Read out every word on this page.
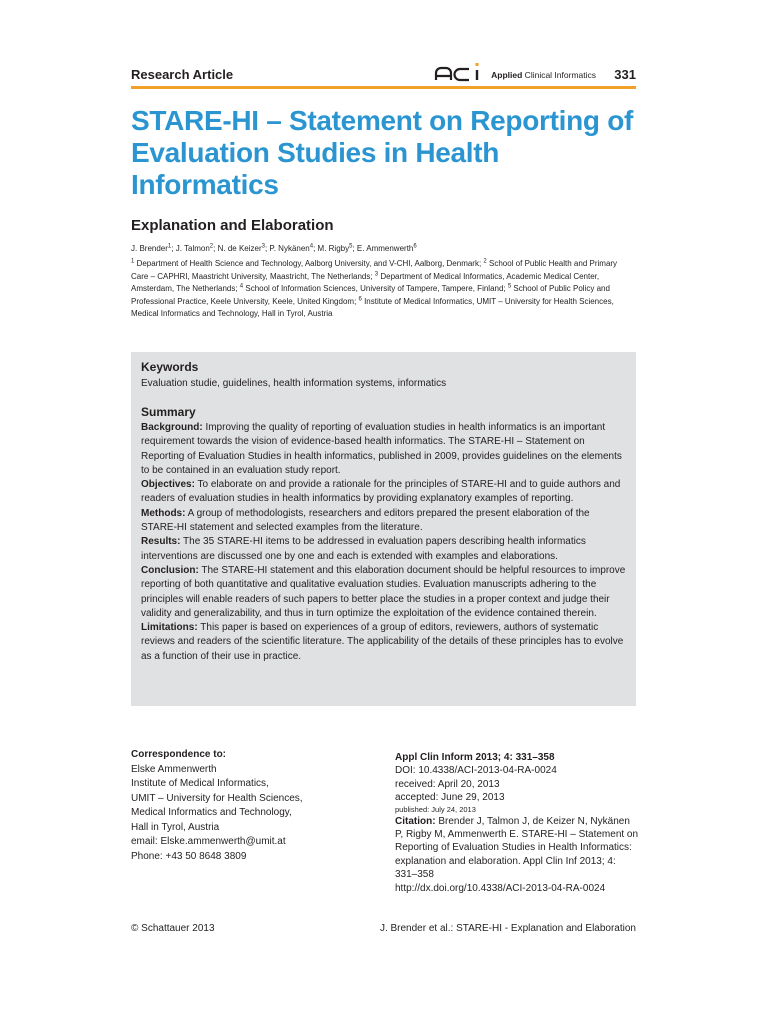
Research Article	Applied Clinical Informatics 331
STARE-HI – Statement on Reporting of Evaluation Studies in Health Informatics
Explanation and Elaboration
J. Brender$^1$; J. Talmon$^2$; N. de Keizer$^3$; P. Nykänen$^4$; M. Rigby$^5$; E. Ammenwerth$^6$
$^1$ Department of Health Science and Technology, Aalborg University, and V-CHI, Aalborg, Denmark; $^2$ School of Public Health and Primary Care – CAPHRI, Maastricht University, Maastricht, The Netherlands; $^3$ Department of Medical Informatics, Academic Medical Center, Amsterdam, The Netherlands; $^4$ School of Information Sciences, University of Tampere, Tampere, Finland; $^5$ School of Public Policy and Professional Practice, Keele University, Keele, United Kingdom; $^6$ Institute of Medical Informatics, UMIT – University for Health Sciences, Medical Informatics and Technology, Hall in Tyrol, Austria
Keywords
Evaluation studie, guidelines, health information systems, informatics
Summary

Background: Improving the quality of reporting of evaluation studies in health informatics is an important requirement towards the vision of evidence-based health informatics. The STARE-HI – Statement on Reporting of Evaluation Studies in health informatics, published in 2009, provides guidelines on the elements to be contained in an evaluation study report.

Objectives: To elaborate on and provide a rationale for the principles of STARE-HI and to guide authors and readers of evaluation studies in health informatics by providing explanatory examples of reporting.

Methods: A group of methodologists, researchers and editors prepared the present elaboration of the STARE-HI statement and selected examples from the literature.

Results: The 35 STARE-HI items to be addressed in evaluation papers describing health informatics interventions are discussed one by one and each is extended with examples and elaborations.

Conclusion: The STARE-HI statement and this elaboration document should be helpful resources to improve reporting of both quantitative and qualitative evaluation studies. Evaluation manuscripts adhering to the principles will enable readers of such papers to better place the studies in a proper context and judge their validity and generalizability, and thus in turn optimize the exploitation of the evidence contained therein.

Limitations: This paper is based on experiences of a group of editors, reviewers, authors of systematic reviews and readers of the scientific literature. The applicability of the details of these principles has to evolve as a function of their use in practice.

Correspondence to:
Elske Ammenwerth
Institute of Medical Informatics,
UMIT – University for Health Sciences,
Medical Informatics and Technology,
Hall in Tyrol, Austria
email: Elske.ammenwerth@umit.at
Phone: +43 50 8648 3809
Appl Clin Inform 2013; 4: 331–358
DOI: 10.4338/ACI-2013-04-RA-0024
received: April 20, 2013
accepted: June 29, 2013
published: July 24, 2013
Citation: Brender J, Talmon J, de Keizer N, Nykänen P, Rigby M, Ammenwerth E. STARE-HI – Statement on Reporting of Evaluation Studies in Health Informatics: explanation and elaboration. Appl Clin Inf 2013; 4: 331–358
http://dx.doi.org/10.4338/ACI-2013-04-RA-0024
© Schattauer 2013	J. Brender et al.: STARE-HI - Explanation and Elaboration
